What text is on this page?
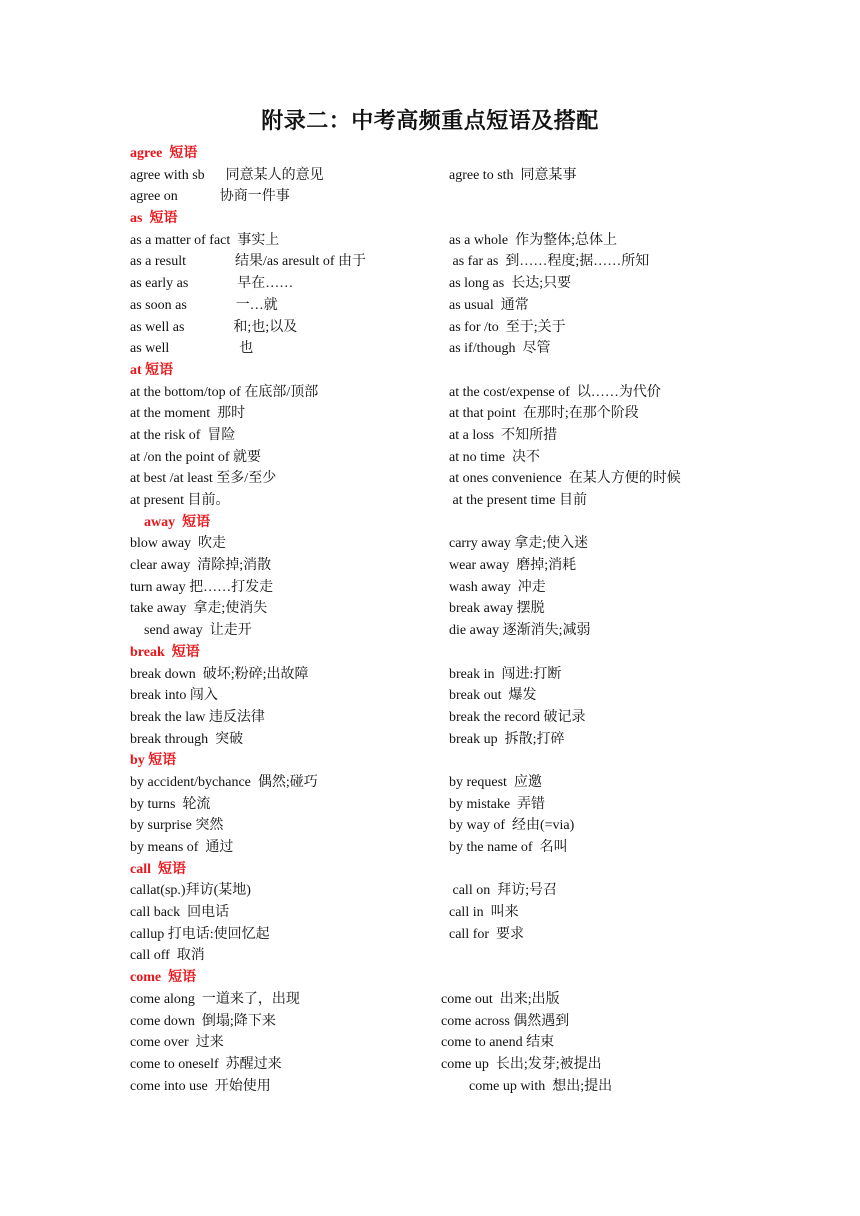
附录二：中考高频重点短语及搭配
agree  短语
agree with sb      同意某人的意见	agree to sth  同意某事
agree on            协商一件事
as  短语
as a matter of fact  事实上	as a whole  作为整体;总体上
as a result              结果/as aresult of 由于	as far as  到……程度;据……所知
as early as              早在……	as long as  长达;只要
as soon as              一…就	as usual  通常
as well as              和;也;以及	as for /to  至于;关于
as well                    也	as if/though  尽管
at 短语
at the bottom/top of 在底部/顶部	at the cost/expense of  以……为代价
at the moment  那时	at that point  在那时;在那个阶段
at the risk of  冒险	at a loss  不知所措
at /on the point of 就要	at no time  决不
at best /at least 至多/至少	at ones convenience  在某人方便的时候
at present 目前。	at the present time 目前
away  短语
blow away  吹走	carry away 拿走;使入迷
clear away  清除掉;消散	wear away  磨掉;消耗
turn away 把……打发走	wash away  冲走
take away  拿走;使消失	break away 摆脱
send away  让走开	die away 逐渐消失;减弱
break  短语
break down  破坏;粉碎;出故障	break in  闯进:打断
break into 闯入	break out  爆发
break the law 违反法律	break the record 破记录
break through  突破	break up  拆散;打碎
by 短语
by accident/bychance  偶然;碰巧	by request  应邀
by turns  轮流	by mistake  弄错
by surprise 突然	by way of  经由(=via)
by means of  通过	by the name of  名叫
call  短语
callat(sp.)拜访(某地)	call on  拜访;号召
call back  回电话	call in  叫来
callup 打电话:使回忆起	call for  要求
call off  取消
come  短语
come along  一道来了，出现	come out  出来;出版
come down  倒塌;降下来	come across 偶然遇到
come over  过来	come to anend 结束
come to oneself  苏醒过来	come up  长出;发芽;被提出
come into use  开始使用	come up with  想出;提出
